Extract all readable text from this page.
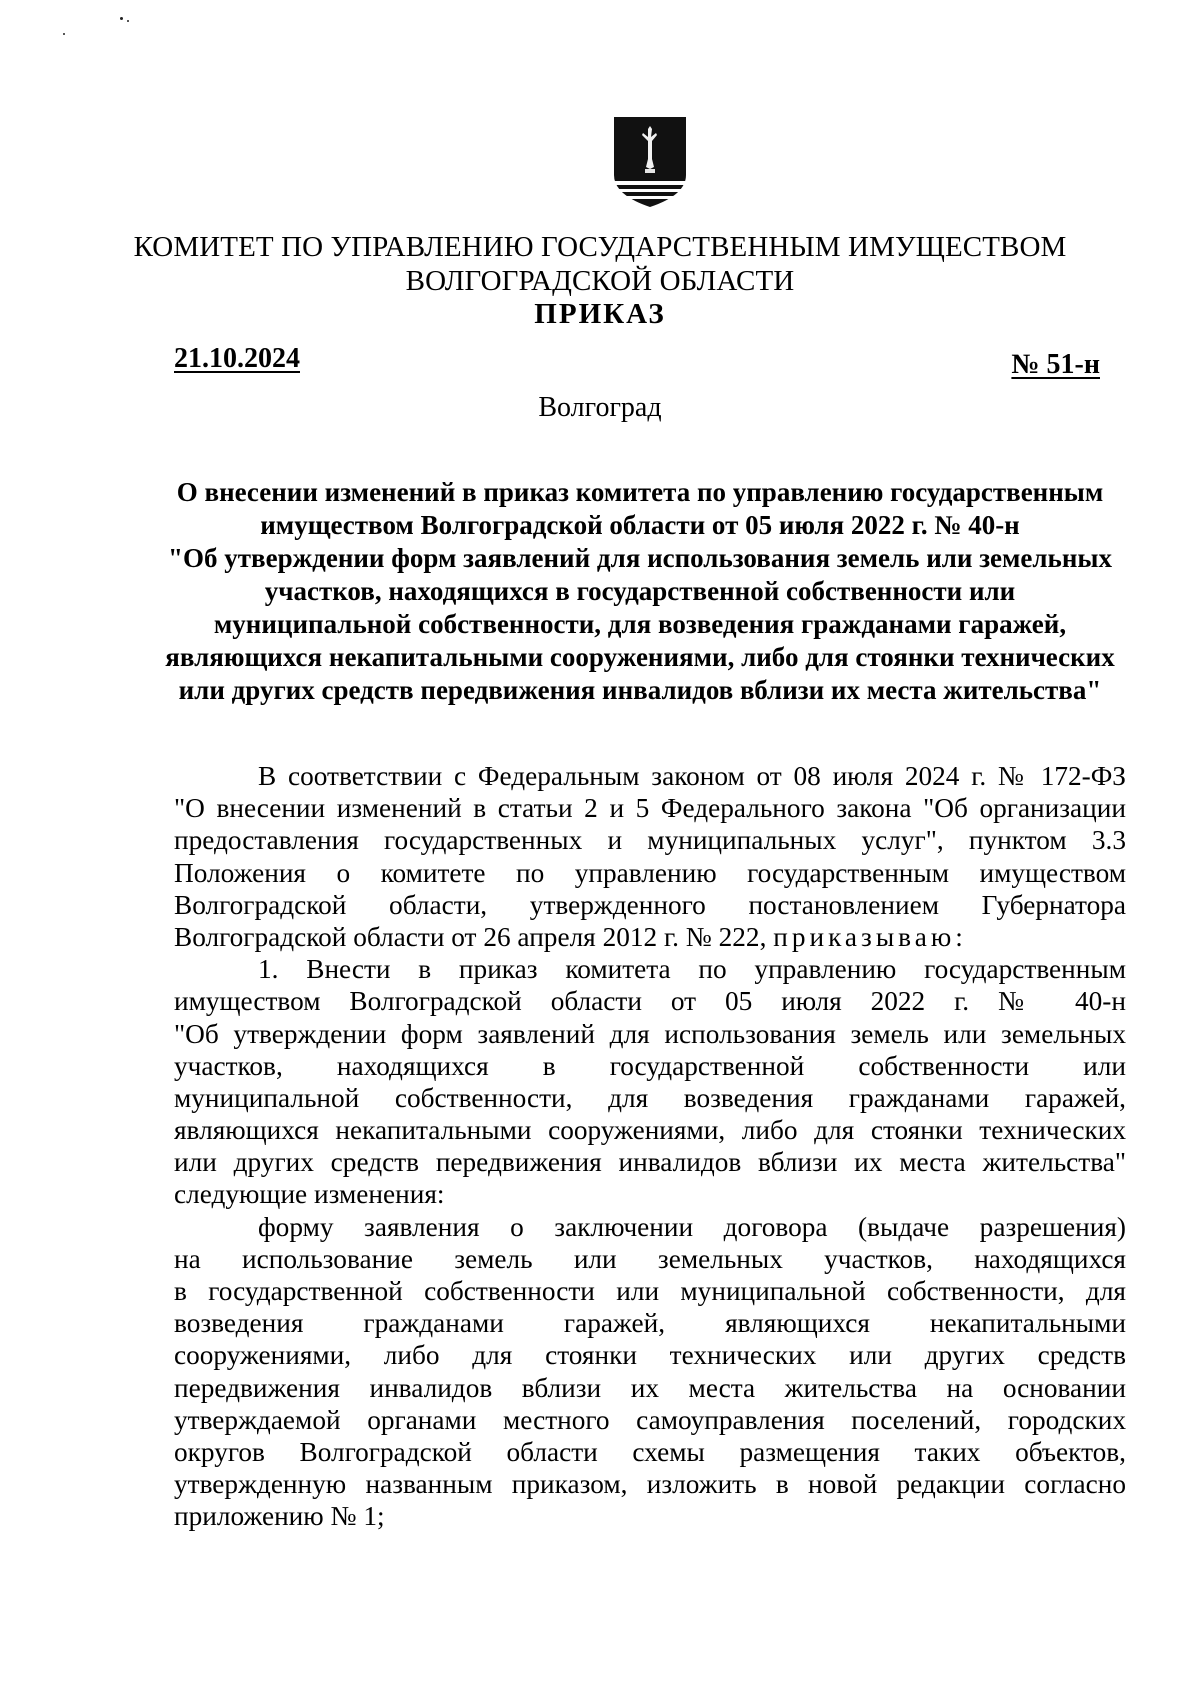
КОМИТЕТ ПО УПРАВЛЕНИЮ ГОСУДАРСТВЕННЫМ ИМУЩЕСТВОМ
ВОЛГОГРАДСКОЙ ОБЛАСТИ
ПРИКАЗ
21.10.2024	№ 51-н
Волгоград
О внесении изменений в приказ комитета по управлению государственным
имуществом Волгоградской области от 05 июля 2022 г. № 40-н
"Об утверждении форм заявлений для использования земель или земельных
участков, находящихся в государственной собственности или
муниципальной собственности, для возведения гражданами гаражей,
являющихся некапитальными сооружениями, либо для стоянки технических
или других средств передвижения инвалидов вблизи их места жительства"
В соответствии с Федеральным законом от 08 июля 2024 г. № 172-ФЗ
"О внесении изменений в статьи 2 и 5 Федерального закона "Об организации
предоставления государственных и муниципальных услуг", пунктом 3.3
Положения о комитете по управлению государственным имуществом
Волгоградской области, утвержденного постановлением Губернатора
Волгоградской области от 26 апреля 2012 г. № 222, приказываю:
1. Внести в приказ комитета по управлению государственным
имуществом Волгоградской области от 05 июля 2022 г. № 40-н
"Об утверждении форм заявлений для использования земель или земельных
участков, находящихся в государственной собственности или
муниципальной собственности, для возведения гражданами гаражей,
являющихся некапитальными сооружениями, либо для стоянки технических
или других средств передвижения инвалидов вблизи их места жительства"
следующие изменения:
форму заявления о заключении договора (выдаче разрешения)
на использование земель или земельных участков, находящихся
в государственной собственности или муниципальной собственности, для
возведения гражданами гаражей, являющихся некапитальными
сооружениями, либо для стоянки технических или других средств
передвижения инвалидов вблизи их места жительства на основании
утверждаемой органами местного самоуправления поселений, городских
округов Волгоградской области схемы размещения таких объектов,
утвержденную названным приказом, изложить в новой редакции согласно
приложению № 1;
